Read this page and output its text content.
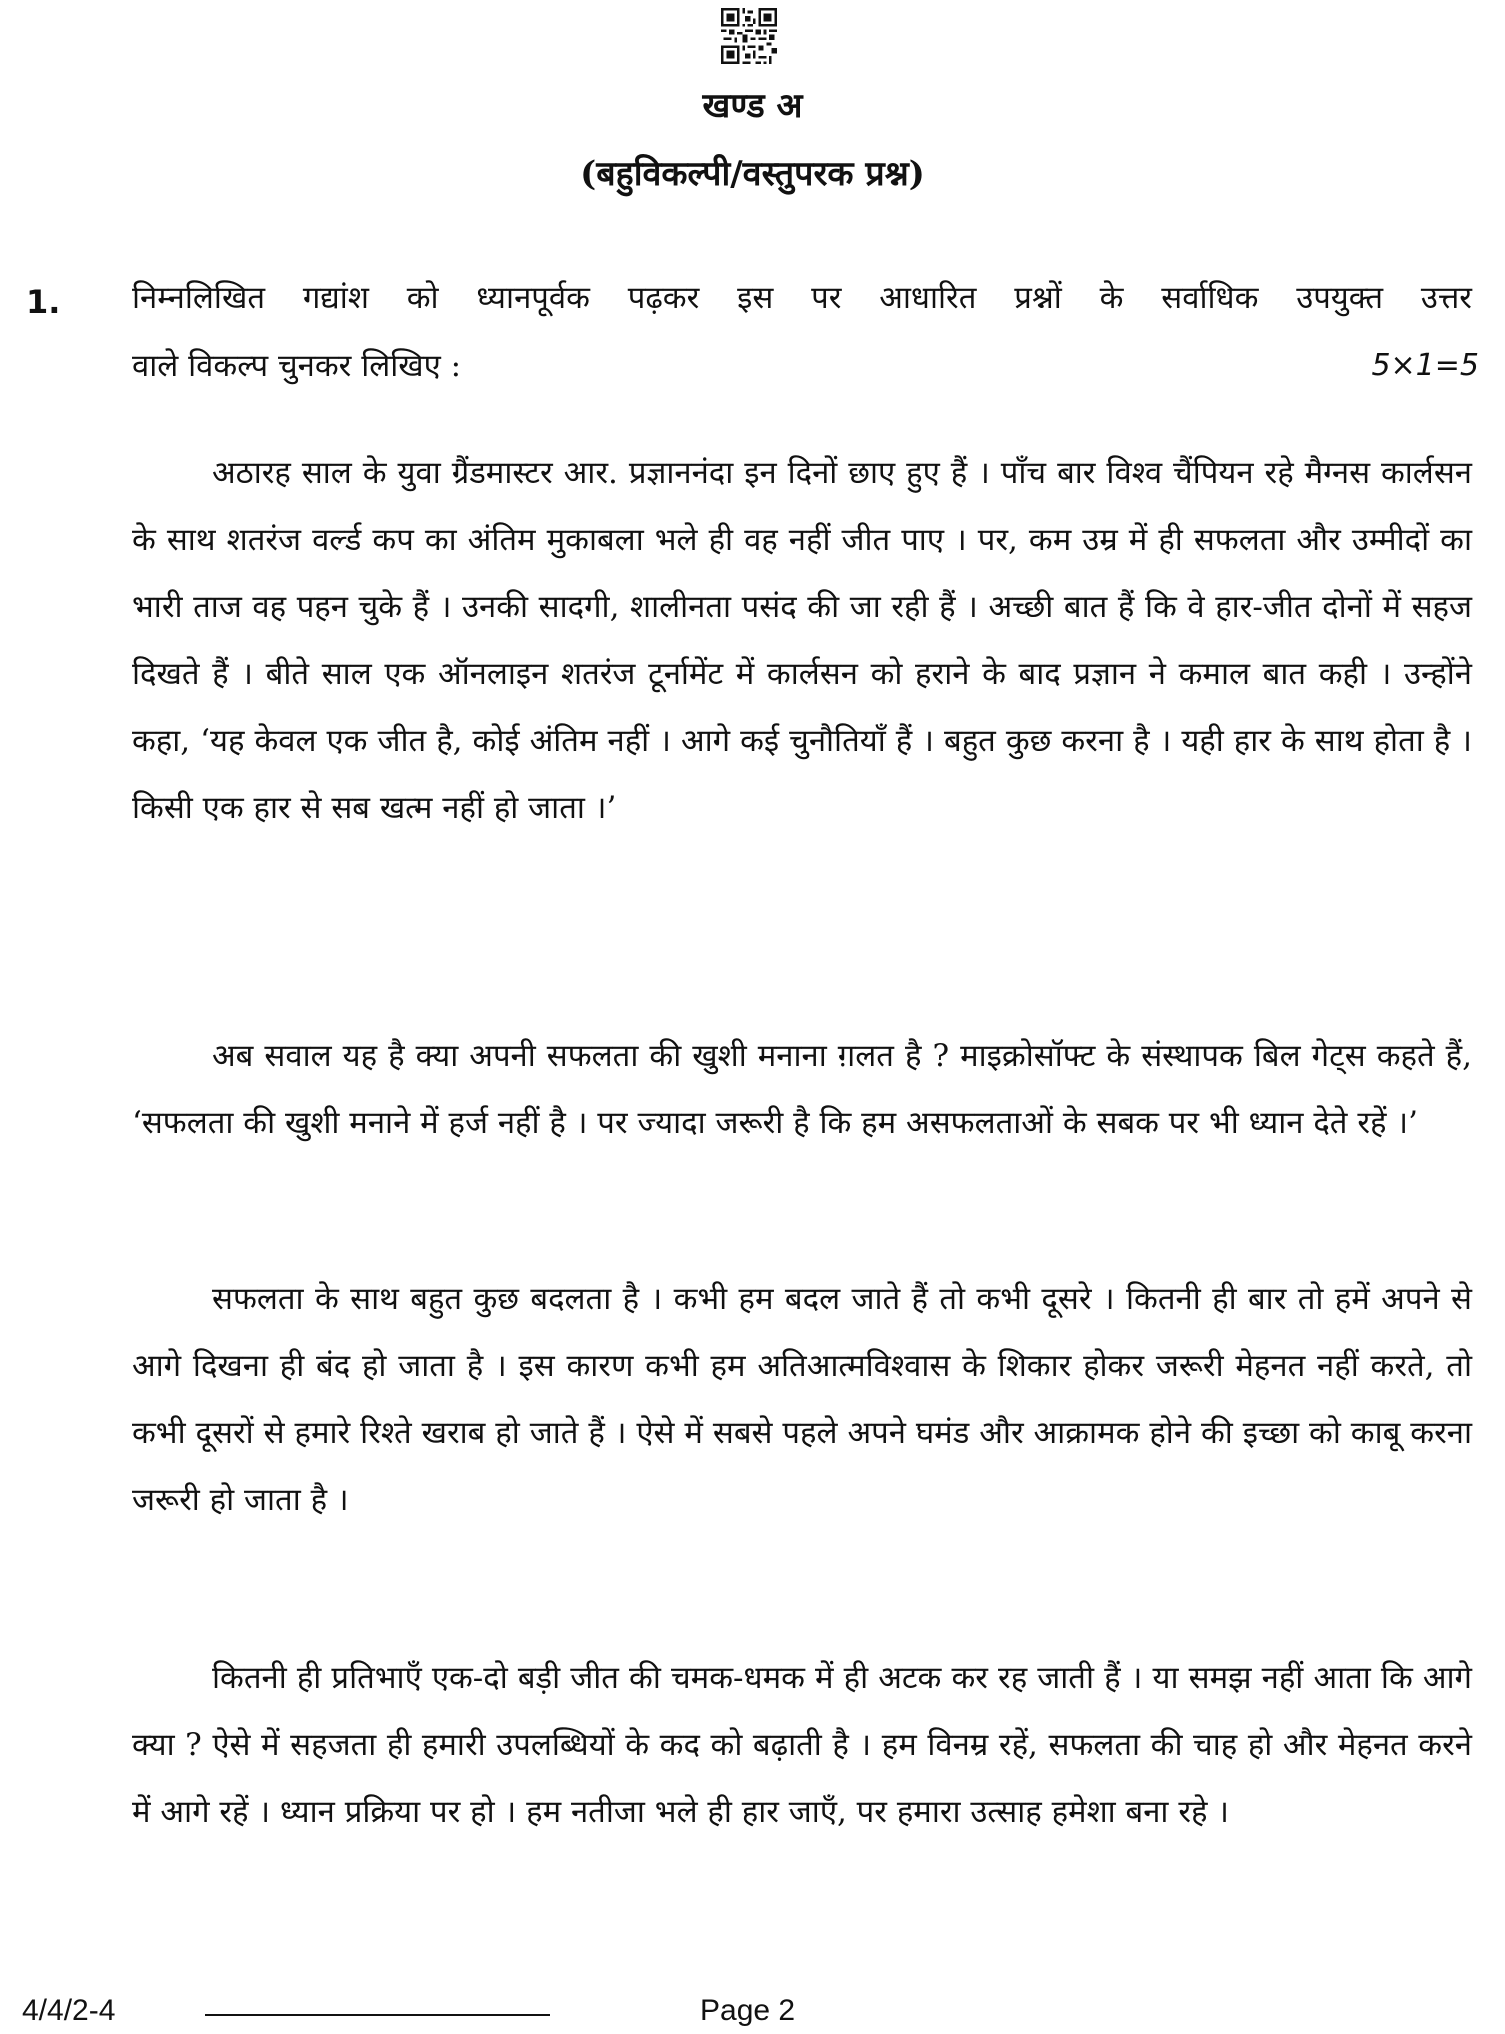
खण्ड अ
(बहुविकल्पी/वस्तुपरक प्रश्न)
1. निम्नलिखित गद्यांश को ध्यानपूर्वक पढ़कर इस पर आधारित प्रश्नों के सर्वाधिक उपयुक्त उत्तर
वाले विकल्प चुनकर लिखिए :	5×1=5

अठारह साल के युवा ग्रैंडमास्टर आर. प्रज्ञाननंदा इन दिनों छाए हुए हैं । पाँच बार विश्व चैंपियन रहे मैग्नस कार्लसन के साथ शतरंज वर्ल्ड कप का अंतिम मुकाबला भले ही वह नहीं जीत पाए । पर, कम उम्र में ही सफलता और उम्मीदों का भारी ताज वह पहन चुके हैं । उनकी सादगी, शालीनता पसंद की जा रही हैं । अच्छी बात हैं कि वे हार-जीत दोनों में सहज दिखते हैं । बीते साल एक ऑनलाइन शतरंज टूर्नामेंट में कार्लसन को हराने के बाद प्रज्ञान ने कमाल बात कही । उन्होंने कहा, ‘यह केवल एक जीत है, कोई अंतिम नहीं । आगे कई चुनौतियाँ हैं । बहुत कुछ करना है । यही हार के साथ होता है । किसी एक हार से सब खत्म नहीं हो जाता ।’

अब सवाल यह है क्या अपनी सफलता की खुशी मनाना ग़लत है ? माइक्रोसॉफ्ट के संस्थापक बिल गेट्स कहते हैं, ‘सफलता की खुशी मनाने में हर्ज नहीं है । पर ज्यादा जरूरी है कि हम असफलताओं के सबक पर भी ध्यान देते रहें ।’

सफलता के साथ बहुत कुछ बदलता है । कभी हम बदल जाते हैं तो कभी दूसरे । कितनी ही बार तो हमें अपने से आगे दिखना ही बंद हो जाता है । इस कारण कभी हम अतिआत्मविश्वास के शिकार होकर जरूरी मेहनत नहीं करते, तो कभी दूसरों से हमारे रिश्ते खराब हो जाते हैं । ऐसे में सबसे पहले अपने घमंड और आक्रामक होने की इच्छा को काबू करना जरूरी हो जाता है ।

कितनी ही प्रतिभाएँ एक-दो बड़ी जीत की चमक-धमक में ही अटक कर रह जाती हैं । या समझ नहीं आता कि आगे क्या ? ऐसे में सहजता ही हमारी उपलब्धियों के कद को बढ़ाती है । हम विनम्र रहें, सफलता की चाह हो और मेहनत करने में आगे रहें । ध्यान प्रक्रिया पर हो । हम नतीजा भले ही हार जाएँ, पर हमारा उत्साह हमेशा बना रहे ।

4/4/2-4	Page 2
